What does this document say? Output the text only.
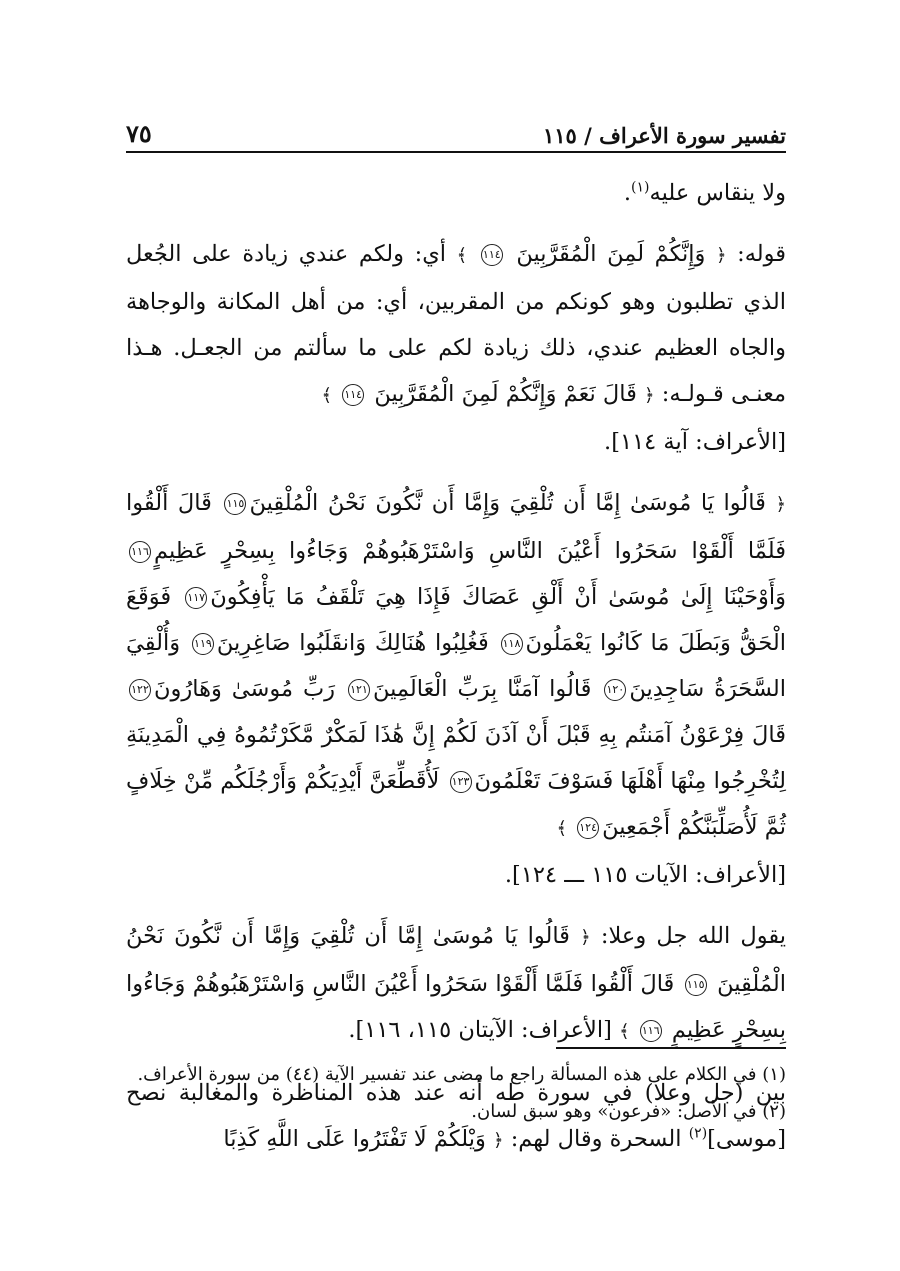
٧٥	تفسير سورة الأعراف / ١١٥

ولا ينقاس عليه$^{(١)}$.

قوله: ﴿ وَإِنَّكُمْ لَمِنَ الْمُقَرَّبِينَ ١١٤ ﴾ أي: ولكم عندي زيادة على الجُعل الذي تطلبون وهو كونكم من المقربين، أي: من أهل المكانة والوجاهة والجاه العظيم عندي، ذلك زيادة لكم على ما سألتم من الجعـل. هـذا معنـى قـولـه: ﴿ قَالَ نَعَمْ وَإِنَّكُمْ لَمِنَ الْمُقَرَّبِينَ ١١٤ ﴾
[الأعراف: آية ١١٤].

﴿ قَالُوا يَا مُوسَىٰ إِمَّا أَن تُلْقِيَ وَإِمَّا أَن نَّكُونَ نَحْنُ الْمُلْقِينَ١١٥ قَالَ أَلْقُوا فَلَمَّا أَلْقَوْا سَحَرُوا أَعْيُنَ النَّاسِ وَاسْتَرْهَبُوهُمْ وَجَاءُوا بِسِحْرٍ عَظِيمٍ١١٦ وَأَوْحَيْنَا إِلَىٰ مُوسَىٰ أَنْ أَلْقِ عَصَاكَ فَإِذَا هِيَ تَلْقَفُ مَا يَأْفِكُونَ١١٧ فَوَقَعَ الْحَقُّ وَبَطَلَ مَا كَانُوا يَعْمَلُونَ١١٨ فَغُلِبُوا هُنَالِكَ وَانقَلَبُوا صَاغِرِينَ١١٩ وَأُلْقِيَ السَّحَرَةُ سَاجِدِينَ١٢٠ قَالُوا آمَنَّا بِرَبِّ الْعَالَمِينَ١٢١ رَبِّ مُوسَىٰ وَهَارُونَ١٢٢ قَالَ فِرْعَوْنُ آمَنتُم بِهِ قَبْلَ أَنْ آذَنَ لَكُمْ إِنَّ هَٰذَا لَمَكْرٌ مَّكَرْتُمُوهُ فِي الْمَدِينَةِ لِتُخْرِجُوا مِنْهَا أَهْلَهَا فَسَوْفَ تَعْلَمُونَ١٢٣ لَأُقَطِّعَنَّ أَيْدِيَكُمْ وَأَرْجُلَكُم مِّنْ خِلَافٍ ثُمَّ لَأُصَلِّبَنَّكُمْ أَجْمَعِينَ١٢٤ ﴾
[الأعراف: الآيات ١١٥ ـــ ١٢٤].

يقول الله جل وعلا: ﴿ قَالُوا يَا مُوسَىٰ إِمَّا أَن تُلْقِيَ وَإِمَّا أَن نَّكُونَ نَحْنُ الْمُلْقِينَ ١١٥ قَالَ أَلْقُوا فَلَمَّا أَلْقَوْا سَحَرُوا أَعْيُنَ النَّاسِ وَاسْتَرْهَبُوهُمْ وَجَاءُوا بِسِحْرٍ عَظِيمٍ ١١٦ ﴾ [الأعراف: الآيتان ١١٥، ١١٦].

بين (جل وعلا) في سورة طه أنه عند هذه المناظرة والمغالبة نصح [موسى]$^{(٢)}$ السحرة وقال لهم: ﴿ وَيْلَكُمْ لَا تَفْتَرُوا عَلَى اللَّهِ كَذِبًا

(١) في الكلام على هذه المسألة راجع ما مضى عند تفسير الآية (٤٤) من سورة الأعراف.
(٢) في الأصل: «فرعون» وهو سبق لسان.
